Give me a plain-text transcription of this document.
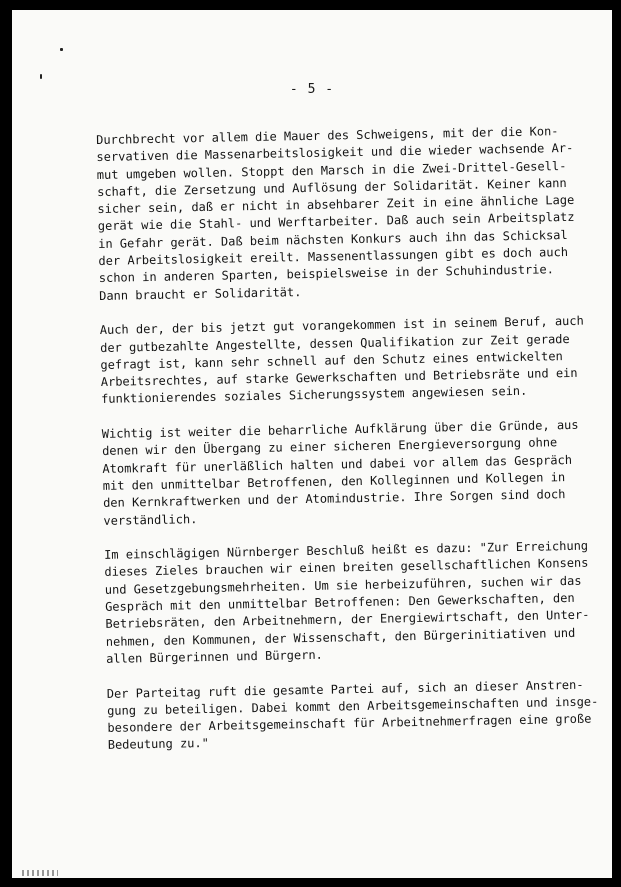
- 5 -

Durchbrecht vor allem die Mauer des Schweigens, mit der die Kon-
servativen die Massenarbeitslosigkeit und die wieder wachsende Ar-
mut umgeben wollen. Stoppt den Marsch in die Zwei-Drittel-Gesell-
schaft, die Zersetzung und Auflösung der Solidarität. Keiner kann
sicher sein, daß er nicht in absehbarer Zeit in eine ähnliche Lage
gerät wie die Stahl- und Werftarbeiter. Daß auch sein Arbeitsplatz
in Gefahr gerät. Daß beim nächsten Konkurs auch ihn das Schicksal
der Arbeitslosigkeit ereilt. Massenentlassungen gibt es doch auch
schon in anderen Sparten, beispielsweise in der Schuhindustrie.
Dann braucht er Solidarität.

Auch der, der bis jetzt gut vorangekommen ist in seinem Beruf, auch
der gutbezahlte Angestellte, dessen Qualifikation zur Zeit gerade
gefragt ist, kann sehr schnell auf den Schutz eines entwickelten
Arbeitsrechtes, auf starke Gewerkschaften und Betriebsräte und ein
funktionierendes soziales Sicherungssystem angewiesen sein.

Wichtig ist weiter die beharrliche Aufklärung über die Gründe, aus
denen wir den Übergang zu einer sicheren Energieversorgung ohne
Atomkraft für unerläßlich halten und dabei vor allem das Gespräch
mit den unmittelbar Betroffenen, den Kolleginnen und Kollegen in
den Kernkraftwerken und der Atomindustrie. Ihre Sorgen sind doch
verständlich.

Im einschlägigen Nürnberger Beschluß heißt es dazu: "Zur Erreichung
dieses Zieles brauchen wir einen breiten gesellschaftlichen Konsens
und Gesetzgebungsmehrheiten. Um sie herbeizuführen, suchen wir das
Gespräch mit den unmittelbar Betroffenen: Den Gewerkschaften, den
Betriebsräten, den Arbeitnehmern, der Energiewirtschaft, den Unter-
nehmen, den Kommunen, der Wissenschaft, den Bürgerinitiativen und
allen Bürgerinnen und Bürgern.

Der Parteitag ruft die gesamte Partei auf, sich an dieser Anstren-
gung zu beteiligen. Dabei kommt den Arbeitsgemeinschaften und insge-
besondere der Arbeitsgemeinschaft für Arbeitnehmerfragen eine große
Bedeutung zu."
